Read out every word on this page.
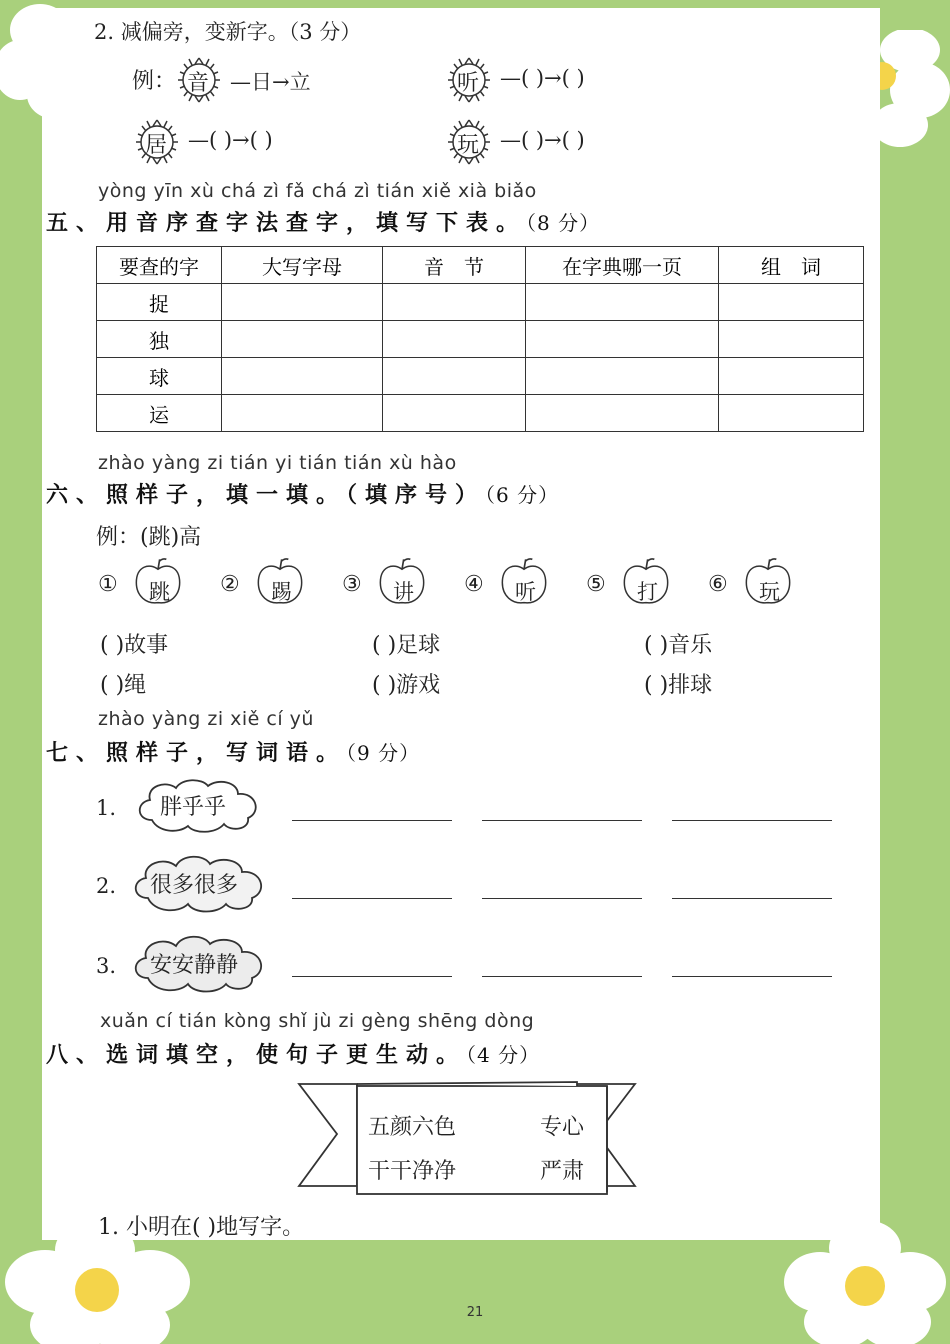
2. 减偏旁，变新字。（3 分）
例： 音 —日→立	听 —( )→( )
居 —( )→( )	玩 —( )→( )
yòng yīn xù chá zì fǎ chá zì tián xiě xià biǎo
五、用音序查字法查字，填写下表。（8 分）
要查的字	大写字母	音　节	在字典哪一页	组　词
捉				
独				
球				
运				
zhào yàng zi tián yi tián tián xù hào
六、照样子，填一填。（填序号）（6 分）
例：(跳)高
① 跳 ② 踢 ③ 讲 ④ 听 ⑤ 打 ⑥ 玩
( )故事	( )足球	( )音乐
( )绳	( )游戏	( )排球
zhào yàng zi xiě cí yǔ
七、照样子，写词语。（9 分）
1. 胖乎乎
2. 很多很多
3. 安安静静
xuǎn cí tián kòng shǐ jù zi gèng shēng dòng
八、选词填空，使句子更生动。（4 分）
五颜六色	专心
干干净净	严肃
1. 小明在( )地写字。
21
